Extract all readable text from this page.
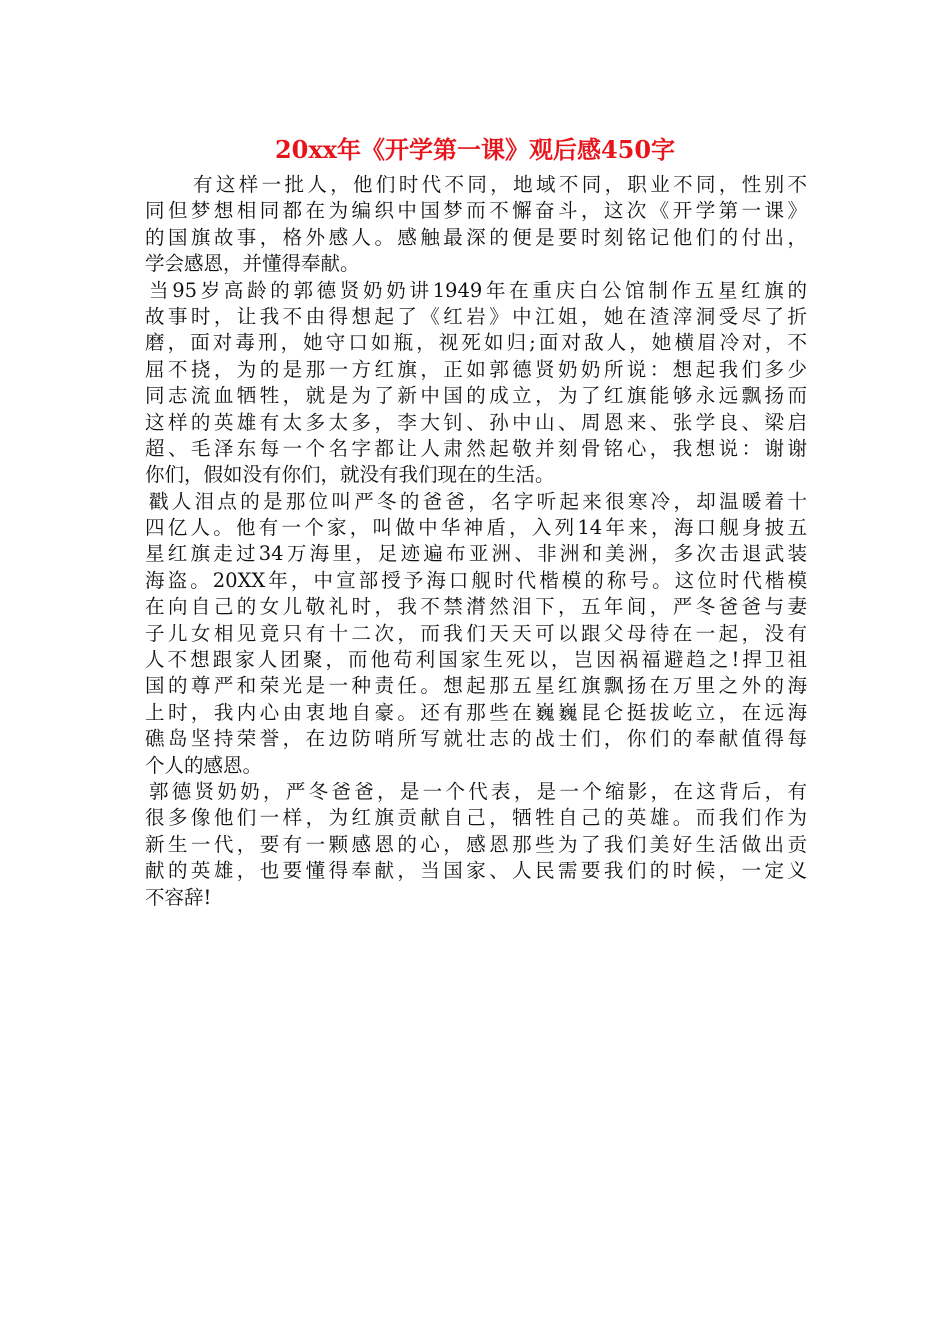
20xx年《开学第一课》观后感450字
有这样一批人，他们时代不同，地域不同，职业不同，性别不
同但梦想相同都在为编织中国梦而不懈奋斗，这次《开学第一课》
的国旗故事，格外感人。感触最深的便是要时刻铭记他们的付出，
学会感恩，并懂得奉献。
当95岁高龄的郭德贤奶奶讲1949年在重庆白公馆制作五星红旗的
故事时，让我不由得想起了《红岩》中江姐，她在渣滓洞受尽了折
磨，面对毒刑，她守口如瓶，视死如归;面对敌人，她横眉冷对，不
屈不挠，为的是那一方红旗，正如郭德贤奶奶所说：想起我们多少
同志流血牺牲，就是为了新中国的成立，为了红旗能够永远飘扬而
这样的英雄有太多太多，李大钊、孙中山、周恩来、张学良、梁启
超、毛泽东每一个名字都让人肃然起敬并刻骨铭心，我想说：谢谢
你们，假如没有你们，就没有我们现在的生活。
戳人泪点的是那位叫严冬的爸爸，名字听起来很寒冷，却温暖着十
四亿人。他有一个家，叫做中华神盾，入列14年来，海口舰身披五
星红旗走过34万海里，足迹遍布亚洲、非洲和美洲，多次击退武装
海盗。20XX年，中宣部授予海口舰时代楷模的称号。这位时代楷模
在向自己的女儿敬礼时，我不禁潸然泪下，五年间，严冬爸爸与妻
子儿女相见竟只有十二次，而我们天天可以跟父母待在一起，没有
人不想跟家人团聚，而他苟利国家生死以，岂因祸福避趋之!捍卫祖
国的尊严和荣光是一种责任。想起那五星红旗飘扬在万里之外的海
上时，我内心由衷地自豪。还有那些在巍巍昆仑挺拔屹立，在远海
礁岛坚持荣誉，在边防哨所写就壮志的战士们，你们的奉献值得每
个人的感恩。
郭德贤奶奶，严冬爸爸，是一个代表，是一个缩影，在这背后，有
很多像他们一样，为红旗贡献自己，牺牲自己的英雄。而我们作为
新生一代，要有一颗感恩的心，感恩那些为了我们美好生活做出贡
献的英雄，也要懂得奉献，当国家、人民需要我们的时候，一定义
不容辞!
